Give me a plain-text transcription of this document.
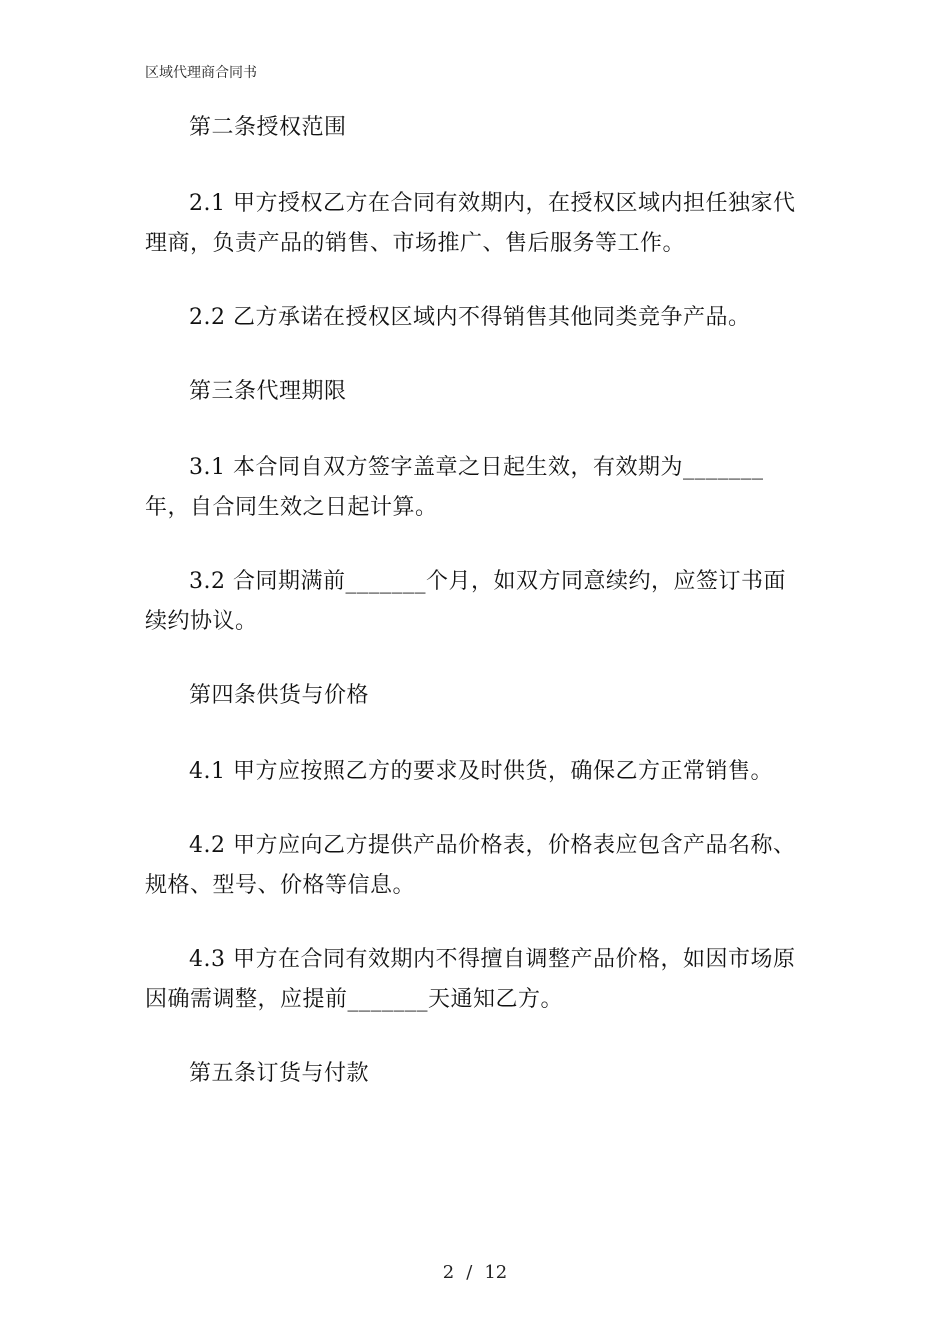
区域代理商合同书

第二条授权范围

2.1 甲方授权乙方在合同有效期内，在授权区域内担任独家代理商，负责产品的销售、市场推广、售后服务等工作。

2.2 乙方承诺在授权区域内不得销售其他同类竞争产品。

第三条代理期限

3.1 本合同自双方签字盖章之日起生效，有效期为_______年，自合同生效之日起计算。

3.2 合同期满前_______个月，如双方同意续约，应签订书面续约协议。

第四条供货与价格

4.1 甲方应按照乙方的要求及时供货，确保乙方正常销售。

4.2 甲方应向乙方提供产品价格表，价格表应包含产品名称、规格、型号、价格等信息。

4.3 甲方在合同有效期内不得擅自调整产品价格，如因市场原因确需调整，应提前_______天通知乙方。

第五条订货与付款

2 / 12
